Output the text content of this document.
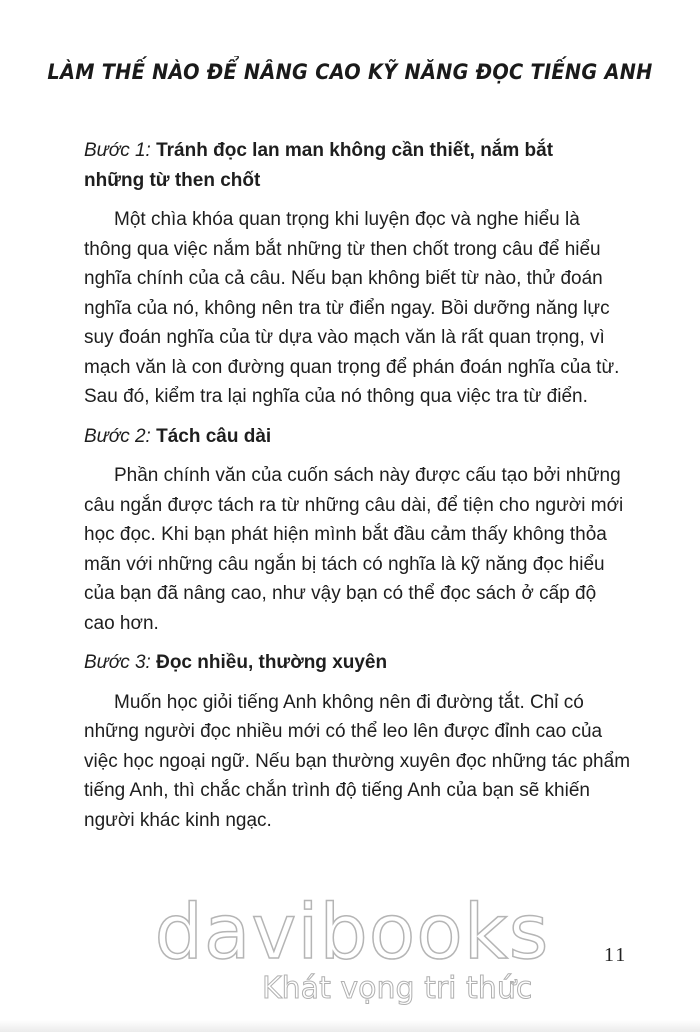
LÀM THẾ NÀO ĐỂ NÂNG CAO KỸ NĂNG ĐỌC TIẾNG ANH

Bước 1: Tránh đọc lan man không cần thiết, nắm bắt
những từ then chốt

Một chìa khóa quan trọng khi luyện đọc và nghe hiểu là
thông qua việc nắm bắt những từ then chốt trong câu để hiểu
nghĩa chính của cả câu. Nếu bạn không biết từ nào, thử đoán
nghĩa của nó, không nên tra từ điển ngay. Bồi dưỡng năng lực
suy đoán nghĩa của từ dựa vào mạch văn là rất quan trọng, vì
mạch văn là con đường quan trọng để phán đoán nghĩa của từ.
Sau đó, kiểm tra lại nghĩa của nó thông qua việc tra từ điển.

Bước 2: Tách câu dài

Phần chính văn của cuốn sách này được cấu tạo bởi những
câu ngắn được tách ra từ những câu dài, để tiện cho người mới
học đọc. Khi bạn phát hiện mình bắt đầu cảm thấy không thỏa
mãn với những câu ngắn bị tách có nghĩa là kỹ năng đọc hiểu
của bạn đã nâng cao, như vậy bạn có thể đọc sách ở cấp độ
cao hơn.

Bước 3: Đọc nhiều, thường xuyên

Muốn học giỏi tiếng Anh không nên đi đường tắt. Chỉ có
những người đọc nhiều mới có thể leo lên được đỉnh cao của
việc học ngoại ngữ. Nếu bạn thường xuyên đọc những tác phẩm
tiếng Anh, thì chắc chắn trình độ tiếng Anh của bạn sẽ khiến
người khác kinh ngạc.

davibooks
Khát vọng tri thức
11
